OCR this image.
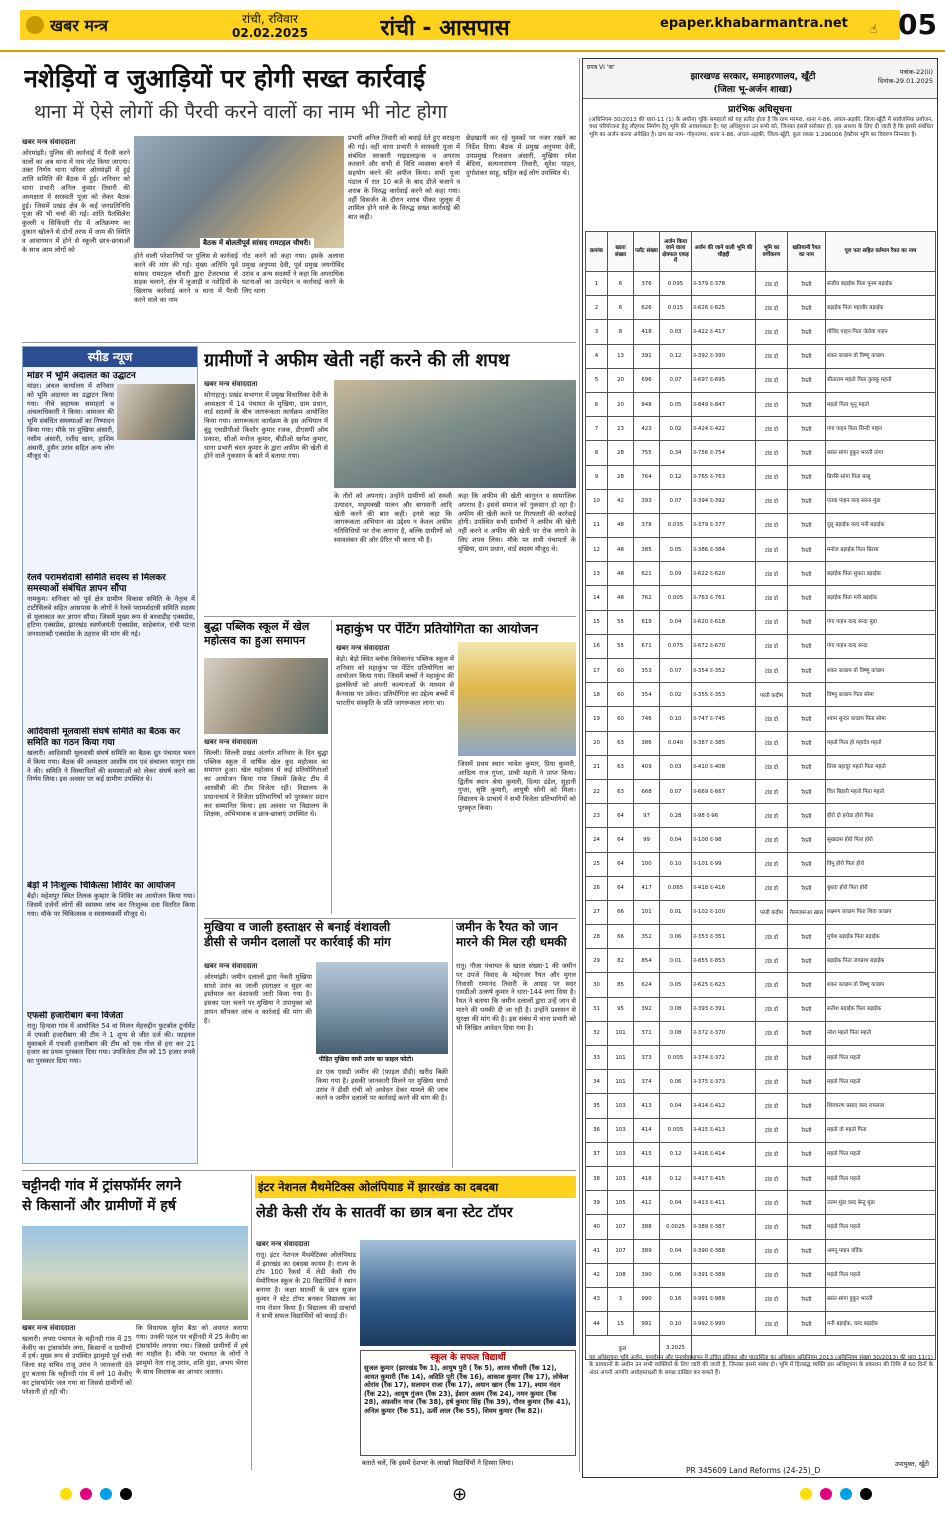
खबर मन्त्र	रांची, रविवार
02.02.2025	रांची - आसपास	epaper.khabarmantra.net ☝ 05
नशेड़ियों व जुआड़ियों पर होगी सख्त कार्रवाई
थाना में ऐसे लोगों की पैरवी करने वालों का नाम भी नोट होगा
खबर मन्त्र संवाददाता
ओरमांझी। पुलिस की कार्रवाई में पैरवी करने वालों का अब थाना में नाम नोट किया जाएगा। उक्त निर्णय थाना परिसर ओरमांझी में हुई शांति समिति की बैठक में हुई। शनिवार को थाना प्रभारी अनिल कुमार तिवारी की अध्यक्षता में सरस्वती पूजा को लेकर बैठक हुई। जिसमें प्रखंड क्षेत्र के कई जनप्रतिनिधि पूजा की भी चर्चा की गई। शांति पैतसिलेरा कुल्ली व सिकिंदरी रोड में अतिक्रमण का दुकान खोलने से दोनों तरफ में जाम की स्थिति व आवागमन में होने से स्कूली छात्र-छात्राओं के साथ आम लोगों को
बैठक में बोलतीपूर्व सांसद रामटहल चौधरी।
होने वाली परेशानियों पर पुलिस से कार्रवाई करने की मांग की गई। मुख्य अतिथि पूर्व सांसद रामटहल चौधरी द्वारा टेंजरभास से सड़क चलाने, क्षेत्र में जुआड़ी व नशेड़ियों के खिलाफ कार्रवाई करने व थाना में पैरवी करने वाले का नाम
नोट करने को कहा गया। इसके अलावा प्रमुख अनुपमा देवी, पूर्व प्रमुख जयगोविंद उरांव व अन्य सदस्यों ने कहा कि अपराधिक घटनाओं का उदभेदन व कार्रवाई करने के लिए थाना
प्रभारी अनिल तिवारी को बधाई देते हुए सराहना की गई। वहीं थाना प्रभारी ने सरस्वती पूजा में संबंधित सरकारी गाइडलाइन्स व अपराध करवाने और सभी से विधि व्यवस्था बनाने में सहयोग करने की अपील किया। सभी पूजा पंडाल में रात 10 बजे के बाद डीजे बजाने व शराब के विरुद्ध कार्रवाई करने को कहा गया। वहीं विसर्जन के दौरान शराब पीकर जुलूस में शामिल होने वाले के विरुद्ध सख्त कार्रवाई की बात कही।
छेड़खानी कर रहे युवकों पर नजर रखने का निर्देश दिया। बैठक में प्रमुख अनुपमा देवी, उपप्रमुख रिजवान अंसारी, मुखिया रमेश बेदिया, सत्यनारायण तिवारी, सुरेश पाहन, दुर्गाशंकर साहू, सहित कई लोग उपस्थित थे।
स्पीड न्यूज
मांडर में भूमि अदालत का उद्घाटन
मांडर। अंचल कार्यालय में शनिवार को भूमि अदालत का उद्घाटन किया गया। नीचे सहायक समाहर्ता व अंचलाधिकारी ने किया। आमजन की भूमि संबंधित समस्याओं का निष्पादन किया गया। मौके पर मुखिया अंसारी, नसीम अंसारी, रशीद खान, हाशिम अंसारी, हुसैन उरांव सहित अन्य लोग मौजूद थे।
रेलवे परामर्शदात्री समिति सदस्य से मिलकर समस्याओं संबंधित ज्ञापन सौंपा
नामकुम। शनिवार को पूर्व क्षेत्र ग्रामीण विकास समिति के नेतृत्व में टाटीसिलवे सहित आसपास के लोगों ने रेलवे परामर्शदात्री समिति सदस्य से मुलाकात कर ज्ञापन सौंपा। जिसमें मुख्य रूप से बरवाडीह एक्सप्रेस, हटिया एक्सप्रेस, झारखंड स्वर्णजयंती एक्सप्रेस, साहेबगंज, रांची पटना जनशताब्दी एक्सप्रेस के ठहराव की मांग की गई।
आदिवासी मूलवासी संघर्ष समिति का बैठक कर समिति का गठन किया गया
खलारी। आदिवासी मूलवासी संघर्ष समिति का बैठक दूत पंचायत भवन में किया गया। बैठक की अध्यक्षता आशीष राम एवं संचालन फागुन राम ने की। समिति ने विस्थापितों की समस्याओं को लेकर संघर्ष करने का निर्णय लिया। इस अवसर पर कई ग्रामीण उपस्थित थे।
बेड़ो में निःशुल्क चिकित्सा शिविर का आयोजन
बेड़ो। महेशपुर स्थित तिलक कुम्हार के शिविर का आयोजन किया गया। जिसमें दर्जनों लोगों की स्वास्थ्य जांच कर निःशुल्क दवा वितरित किया गया। मौके पर चिकित्सक व स्वास्थ्यकर्मी मौजूद थे।
एफसी हजारीबाग बना विजेता
रातू। हिन्दवा गांव में आयोजित 54 वां मिलन मेहरुद्दीन फुटबॉल टूर्नामेंट में एफसी हजारीबाग की टीम ने 1 शून्य से जीत दर्ज की। फाइनल मुकाबले में एफसी हजारीबाग की टीम को एक गोल से हरा कर 21 हजार का प्रथम पुरस्कार दिया गया। उपविजेता टीम को 15 हजार रुपये का पुरस्कार दिया गया।
ग्रामीणों ने अफीम खेती नहीं करने की ली शपथ
खबर मन्त्र संवाददाता
सोनाहातु। प्रखंड सभागार में प्रमुख विधायिका देवी के अध्यक्षता में 14 पंचायत के मुखिया, ग्राम प्रधान, वार्ड सदस्यों के बीच जागरूकता कार्यक्रम आयोजित किया गया। जागरूकता कार्यक्रम के इस अभियान में बुंडू एसडीपीओ किशोर कुमार रजक, डीएसपी ओम प्रकाश, सीओ मनोज कुमार, बीडीओ खगेश कुमार, थाना प्रभारी चंदन कुमार के द्वारा अफीम की खेती से होने वाले नुकसान के बारे में बताया गया।
के तौरों को अपनाएं। उन्होंने ग्रामीणों को सब्जी उत्पादन, मधुमक्खी पालन और बागवानी आदि खेती करने की बात कही। इनसे कहा कि जागरूकता अभियान का उद्देश्य न केवल अफीम गतिविधियों पर रोक लगाना है, बल्कि ग्रामीणों को स्वावलंबन की ओर प्रेरित भी करना भी है।
कहा कि अफीम की खेती कानूनन व सामाजिक अपराध है। इससे समाज को नुकसान हो रहा है। अफीम की खेती करने पर गिरफ्तारी की कार्रवाई होगी। उपस्थित सभी ग्रामीणों ने अफीम की खेती नहीं करने व अफीम की खेती पर रोक लगाने के लिए शपथ लिया। मौके पर सभी पंचायतों के मुखिया, ग्राम प्रधान, वार्ड सदस्य मौजूद थे।
बुद्धा पब्लिक स्कूल में खेल महोत्सव का हुआ समापन
खबर मन्त्र संवाददाता
सिल्ली। सिल्ली प्रखंड अंतर्गत शनिवार के दिन बुद्धा पब्लिक स्कूल में वार्षिक खेल कूद महोत्सव का समापन हुआ। खेल महोत्सव में कई प्रतियोगिताओं का आयोजन किया गया जिसमें क्रिकेट टीम में आरसीबी की टीम विजेता रही। विद्यालय के प्रधानाचार्य ने विजेता प्रतिभागियों को पुरस्कार प्रदान कर सम्मानित किया। इस अवसर पर विद्यालय के शिक्षक, अभिभावक व छात्र-छात्राएं उपस्थित थे।
महाकुंभ पर पेंटिंग प्रतियोगिता का आयोजन
खबर मन्त्र संवाददाता
बेड़ो। बेड़ो स्थित ब्लॉक विवेकानंद पब्लिक स्कूल में शनिवार को महाकुंभ पर पेंटिंग प्रतियोगिता का आयोजन किया गया। जिसमें बच्चों ने महाकुंभ की झलकियों को अपनी कल्पनाओं के माध्यम से कैनवास पर उकेरा। प्रतियोगिता का उद्देश्य बच्चों में भारतीय संस्कृति के प्रति जागरूकता लाना था।
जिसमें प्रथम स्थान भावेश कुमार, प्रिया कुमारी, आदित्य राज गुप्ता, प्राची महतो ने प्राप्त किया। द्वितीय स्थान श्रेया कुमारी, दिव्या डंडेल, सुहानी गुप्ता, सृष्टि कुमारी, आयुषी सोनी को मिला। विद्यालय के प्राचार्य ने सभी विजेता प्रतिभागियों को पुरस्कृत किया।
मुखिया व जाली हस्ताक्षर से बनाई वंशावली
डीसी से जमीन दलालों पर कार्रवाई की मांग
खबर मन्त्र संवाददाता
ओरमांझी। जमीन दलालों द्वारा नेकरी मुखिया साधो उरांव का जाली हस्ताक्षर व मुहर का इस्तेमाल कर वंशावली जारी किया गया है। इसका पता चलने पर मुखिया ने उपायुक्त को ज्ञापन सौंपकर जांच व कार्रवाई की मांग की है।
पीड़ित मुखिया वासी उरांव का फ़ाइल फोटो।
डर एक एसडी जमीन की (फ़ाइल डीडी) खरीद बिक्री किया गया है। इसकी जानकारी मिलने पर मुखिया साधो उरांव ने डीसी रांची को आवेदन देकर मामले की जांच करने व जमीन दलालों पर कार्रवाई करने की मांग की है।
जमीन के रैयत को जान
मारने की मिल रही धमकी
रातू। नौजा पंचायत के खाता संख्या-1 की जमीन पर उपजे विवाद के मद्देनजर रैयत और मुगल निवासी रामानंद तिवारी के आग्रह पर सदर एसडीओ उत्कर्ष कुमार ने धारा-144 लगा दिया है। रैयत ने बताया कि जमीन दलालों द्वारा उन्हें जान से मारने की धमकी दी जा रही है। उन्होंने प्रशासन से सुरक्षा की मांग की है। इस संबंध में थाना प्रभारी को भी लिखित आवेदन दिया गया है।
चट्टीनदी गांव में ट्रांसफॉर्मर लगने
से किसानों और ग्रामीणों में हर्ष
खबर मन्त्र संवाददाता
खलारी। लपरा पंचायत के चट्टीनदी गांव में 25 केवीए का ट्रांसफॉर्मर लगा, किसानों व ग्रामीणों में हर्ष। मुख्य रूप से उपस्थित झामुमो पूर्व रांची जिला सह सचिव राजू उरांव ने जानकारी देते हुए बताया कि चट्टीनदी गांव में लगे 10 केवीए का ट्रांसफॉर्मर जल गया था जिससे ग्रामीणों को परेशानी हो रही थी।
कि विधायक सुरेश बैठा को अवगत कराया गया। उनकी पहल पर चट्टीनदी में 25 केवीए का ट्रांसफॉर्मर लगाया गया। जिससे ग्रामीणों में हर्ष का माहौल है। मौके पर पंचायत के लोगों ने झामुमो नेता राजू उरांव, शशि मुंडा, अभय भेंगरा के साथ विधायक का आभार जताया।
इंटर नेशनल मैथमेटिक्स ओलंपियाड में झारखंड का दबदबा
लेडी केसी रॉय के सातवीं का छात्र बना स्टेट टॉपर
खबर मन्त्र संवाददाता
रातू। इंटर नेशनल मैथमेटिक्स ओलंपियाड में झारखंड का दबदबा कायम है। राज्य के टॉप 100 रैंकर्स में लेडी केसी रॉय मेमोरियल स्कूल के 20 विद्यार्थियों ने स्थान बनाया है। कक्षा सातवीं के छात्र सुजल कुमार ने स्टेट टॉपर बनकर विद्यालय का नाम रोशन किया है। विद्यालय की प्राचार्या ने सभी सफल विद्यार्थियों को बधाई दी।
स्कूल के सफल विद्यार्थी
सुजल कुमार (झारखंड रैंक 1), आयुष पुरी ( रैंक 5), आरव चौधरी (रैंक 12), आयत कुमारी (रैंक 14), अदिति पूरी (रैंक 16), आकाश कुमार (रैंक 17), लोकेश ओरांव (रैंक 17), सलमान राजा (रैंक 17), अयान खान (रैंक 17), श्याम नंदन (रैंक 22), आयुष गुंजन (रैंक 23), ईशान अलम (रैंक 24), नमन कुमार (रैंक 28), अफ़सीन नाज (रैंक 38), हर्ष कुमार सिंह (रैंक 39), गौरव कुमार (रैंक 41), अनिल कुमार (रैंक 51), ऊर्वी लाल (रैंक 55), शिवम कुमार (रैंक 82)।
बताते चलें, कि इसमें देशभर के लाखों विद्यार्थियों ने हिस्सा लिया।
प्रपत्र VI 'क'
झारखण्ड सरकार, समाहरणालय, खूँटी
(जिला भू-अर्जन शाखा)
पत्रांक-22(ii)
दिनांक-29.01.2025
प्रारंभिक अधिसूचना
(अधिनियम-30/2013 की धारा-11 (1) के अधीन) चूंकि समाहर्ता को यह प्रतीत होता है कि ग्राम मरमरा, थाना नं-86, अंचल-अड़की, जिला-खूँटी में सार्वजनिक प्रयोजन, यथा परियोजना हेतु लौहपथ निर्माण हेतु भूमि की आवश्यकता है। यह अधिसूचना उन सभी को, जिनका इससे सरोकार हो, इस आशय के लिए दी जाती है कि इससे संबंधित भूमि का अर्जन करना अपेक्षित है। ग्राम का नाम- गोहनतमर, थाना नं-86, अंचल-अड़की, जिला-खूँटी, कुल रकबा 1.296006 हेक्टेयर भूमि का विवरण निम्नवत है।
क्रमांक	खाता संख्या	प्लॉट संख्या	अर्जन किया जाने वाला क्षेत्रफल एकड़ में	अर्जन की जाने वाली भूमि की चौहद्दी	भूमि का वर्गीकरण	खतियानी रैयत का नाम	पूरा पता सहित वर्तमान रैयत का नाम
1	6	376	0.095	उ-379 द-378	टांड दो	रैयती	संजीव बड़ाईक पिता पूनम बड़ाईक
2	6	626	0.015	उ-626 द-625	टांड दो	रैयती	बड़ाईक पिता महावीर बड़ाईक
3	8	418	0.03	उ-422 द-417	टांड दो	रैयती	गोविंद पाहन पिता जेटोवा पाहन
4	13	391	0.12	उ-392 द-390	टांड दो	रैयती	शंकर कच्छप वो विष्णु कच्छप
5	20	696	0.07	उ-697 द-695	टांड दो	रैयती	सीताराम महतो पिता कुक्कू महतो
6	20	848	0.05	उ-849 द-847	टांड दो	रैयती	महतो पिता भुनू महतो
7	23	423	0.02	उ-424 द-422	टांड दो	रैयती	गंगा पाहन पिता सिन्दी पाहन
8	28	755	0.34	उ-756 द-754	टांड दो	रैयती	बसंत सांगा हुकुर भारती तांगा
9	28	764	0.12	उ-765 द-763	टांड दो	रैयती	बिरसि सांगा पिता बासु
10	42	393	0.07	उ-394 द-392	टांड दो	रैयती	एतवा पाहन वल्द सरना मुंडा
11	48	378	0.035	उ-379 द-377	टांड दो	रैयती	दुलु बड़ाईक वल्द मनी बड़ाईक
12	48	385	0.05	उ-386 द-384	टांड दो	रैयती	मनोज बड़ाईक पिता बिरसा
13	48	621	0.09	उ-622 द-620	टांड दो	रैयती	बड़ाईक पिता सुकरा बड़ाईक
14	48	762	0.005	उ-763 द-761	टांड दो	रैयती	बड़ाईक पिता मनी बड़ाईक
15	55	619	0.04	उ-620 द-618	टांड दो	रैयती	गंगा पाहन वल्द सन्दा मुंडा
16	55	671	0.075	उ-672 द-670	टांड दो	रैयती	गंगा पाहन वल्द सन्दा
17	60	353	0.07	उ-354 द-352	टांड दो	रैयती	शंकर कच्छप वो विष्णु कच्छप
18	60	354	0.02	उ-355 द-353	परती कदीम	रैयती	विष्णु कच्छप पिता सोमा
19	60	746	0.10	उ-747 द-745	टांड दो	रैयती	श्याम सुन्दर कच्छप पिता सोमा
20	63	386	0.040	उ-387 द-385	टांड दो	रैयती	महतो पिता हो महादेव महतो
21	63	409	0.03	उ-410 द-408	टांड दो	रैयती	तिला बहादुर महतो पिता महतो
22	63	668	0.07	उ-669 द-667	टांड दो	रैयती	चित बिहारी महतो पिता महतो
23	64	97	0.28	उ-98 द-96	टांड दो	रैयती	हीरो दो हरोडा होरो पिता
24	64	99	0.04	उ-100 द-98	टांड दो	रैयती	सुखदास होरो पिता होरो
25	64	100	0.10	उ-101 द-99	टांड दो	रैयती	विनु होरो पिता होरो
26	64	417	0.065	उ-418 द-416	टांड दो	रैयती	बुधवा होरो पिता होरो
27	66	101	0.01	उ-102 द-100	परती कदीम	गैरमजरूआ खास	लक्ष्मण कच्छप पिता शिवा कच्छप
28	66	352	0.06	उ-353 द-351	टांड दो	रैयती	मुचेश बड़ाईक पिता बड़ाईक
29	82	854	0.01	उ-855 द-853	टांड दो	रैयती	बड़ाईक पिता जगन्नाथ बड़ाईक
30	85	624	0.05	उ-625 द-623	टांड दो	रैयती	शंकर कच्छप वो विष्णु कच्छप
31	95	392	0.08	उ-393 द-391	टांड दो	रैयती	सतीश बड़ाईक पिता बड़ाईक
32	101	371	0.08	उ-372 द-370	टांड दो	रैयती	नरेश महतो पिता महतो
33	101	373	0.005	उ-374 द-372	टांड दो	रैयती	महतो पिता महतो
34	101	374	0.06	उ-375 द-373	टांड दो	रैयती	महतो पिता महतो
35	103	413	0.04	उ-414 द-412	टांड दो	रैयती	शिवचरण प्रसाद वल्द रामलाल
36	103	414	0.005	उ-415 द-413	टांड दो	रैयती	महतो वो महतो पिता
37	103	415	0.12	उ-416 द-414	टांड दो	रैयती	महतो पिता महतो
38	103	416	0.12	उ-417 द-415	टांड दो	रैयती	महतो पिता महतो
39	105	412	0.04	उ-413 द-411	टांड दो	रैयती	उत्तम मुंडा वल्द बेन्तु मुंडा
40	107	388	0.0025	उ-389 द-387	टांड दो	रैयती	महतो पिता महतो
41	107	389	0.04	उ-390 द-388	टांड दो	रैयती	अमनु पाहन वर्दिक
42	108	390	0.06	उ-391 द-389	टांड दो	रैयती	महतो पिता महतो
43	3	990	0.16	उ-991 द-989	टांड दो	रैयती	बसंत सांगा हुकुर भारती
44	15	991	0.10	उ-992 द-990	टांड दो	रैयती	मनी बड़ाईक, वल्द बड़ाईक
कुल			3.2025				
यह अधिसूचना भूमि अर्जन, पुनर्वासन और पुनर्व्यवस्थापन में उचित प्रतिकर और पारदर्शिता का अधिकार अधिनियम 2013 (अधिनियम संख्या 30/2013) की धारा 11(1) के प्रावधानों के अधीन उन सभी व्यक्तियों के लिए जारी की जाती है, जिनका इससे संबंध हो। भूमि में हितबद्ध व्यक्ति इस अधिसूचना के प्रकाशन की तिथि से 60 दिनों के अंदर अपनी आपत्ति अधोहस्ताक्षरी के समक्ष दाखिल कर सकते हैं।
उपायुक्त, खूँटी
PR 345609 Land Reforms (24-25)_D
⊕
